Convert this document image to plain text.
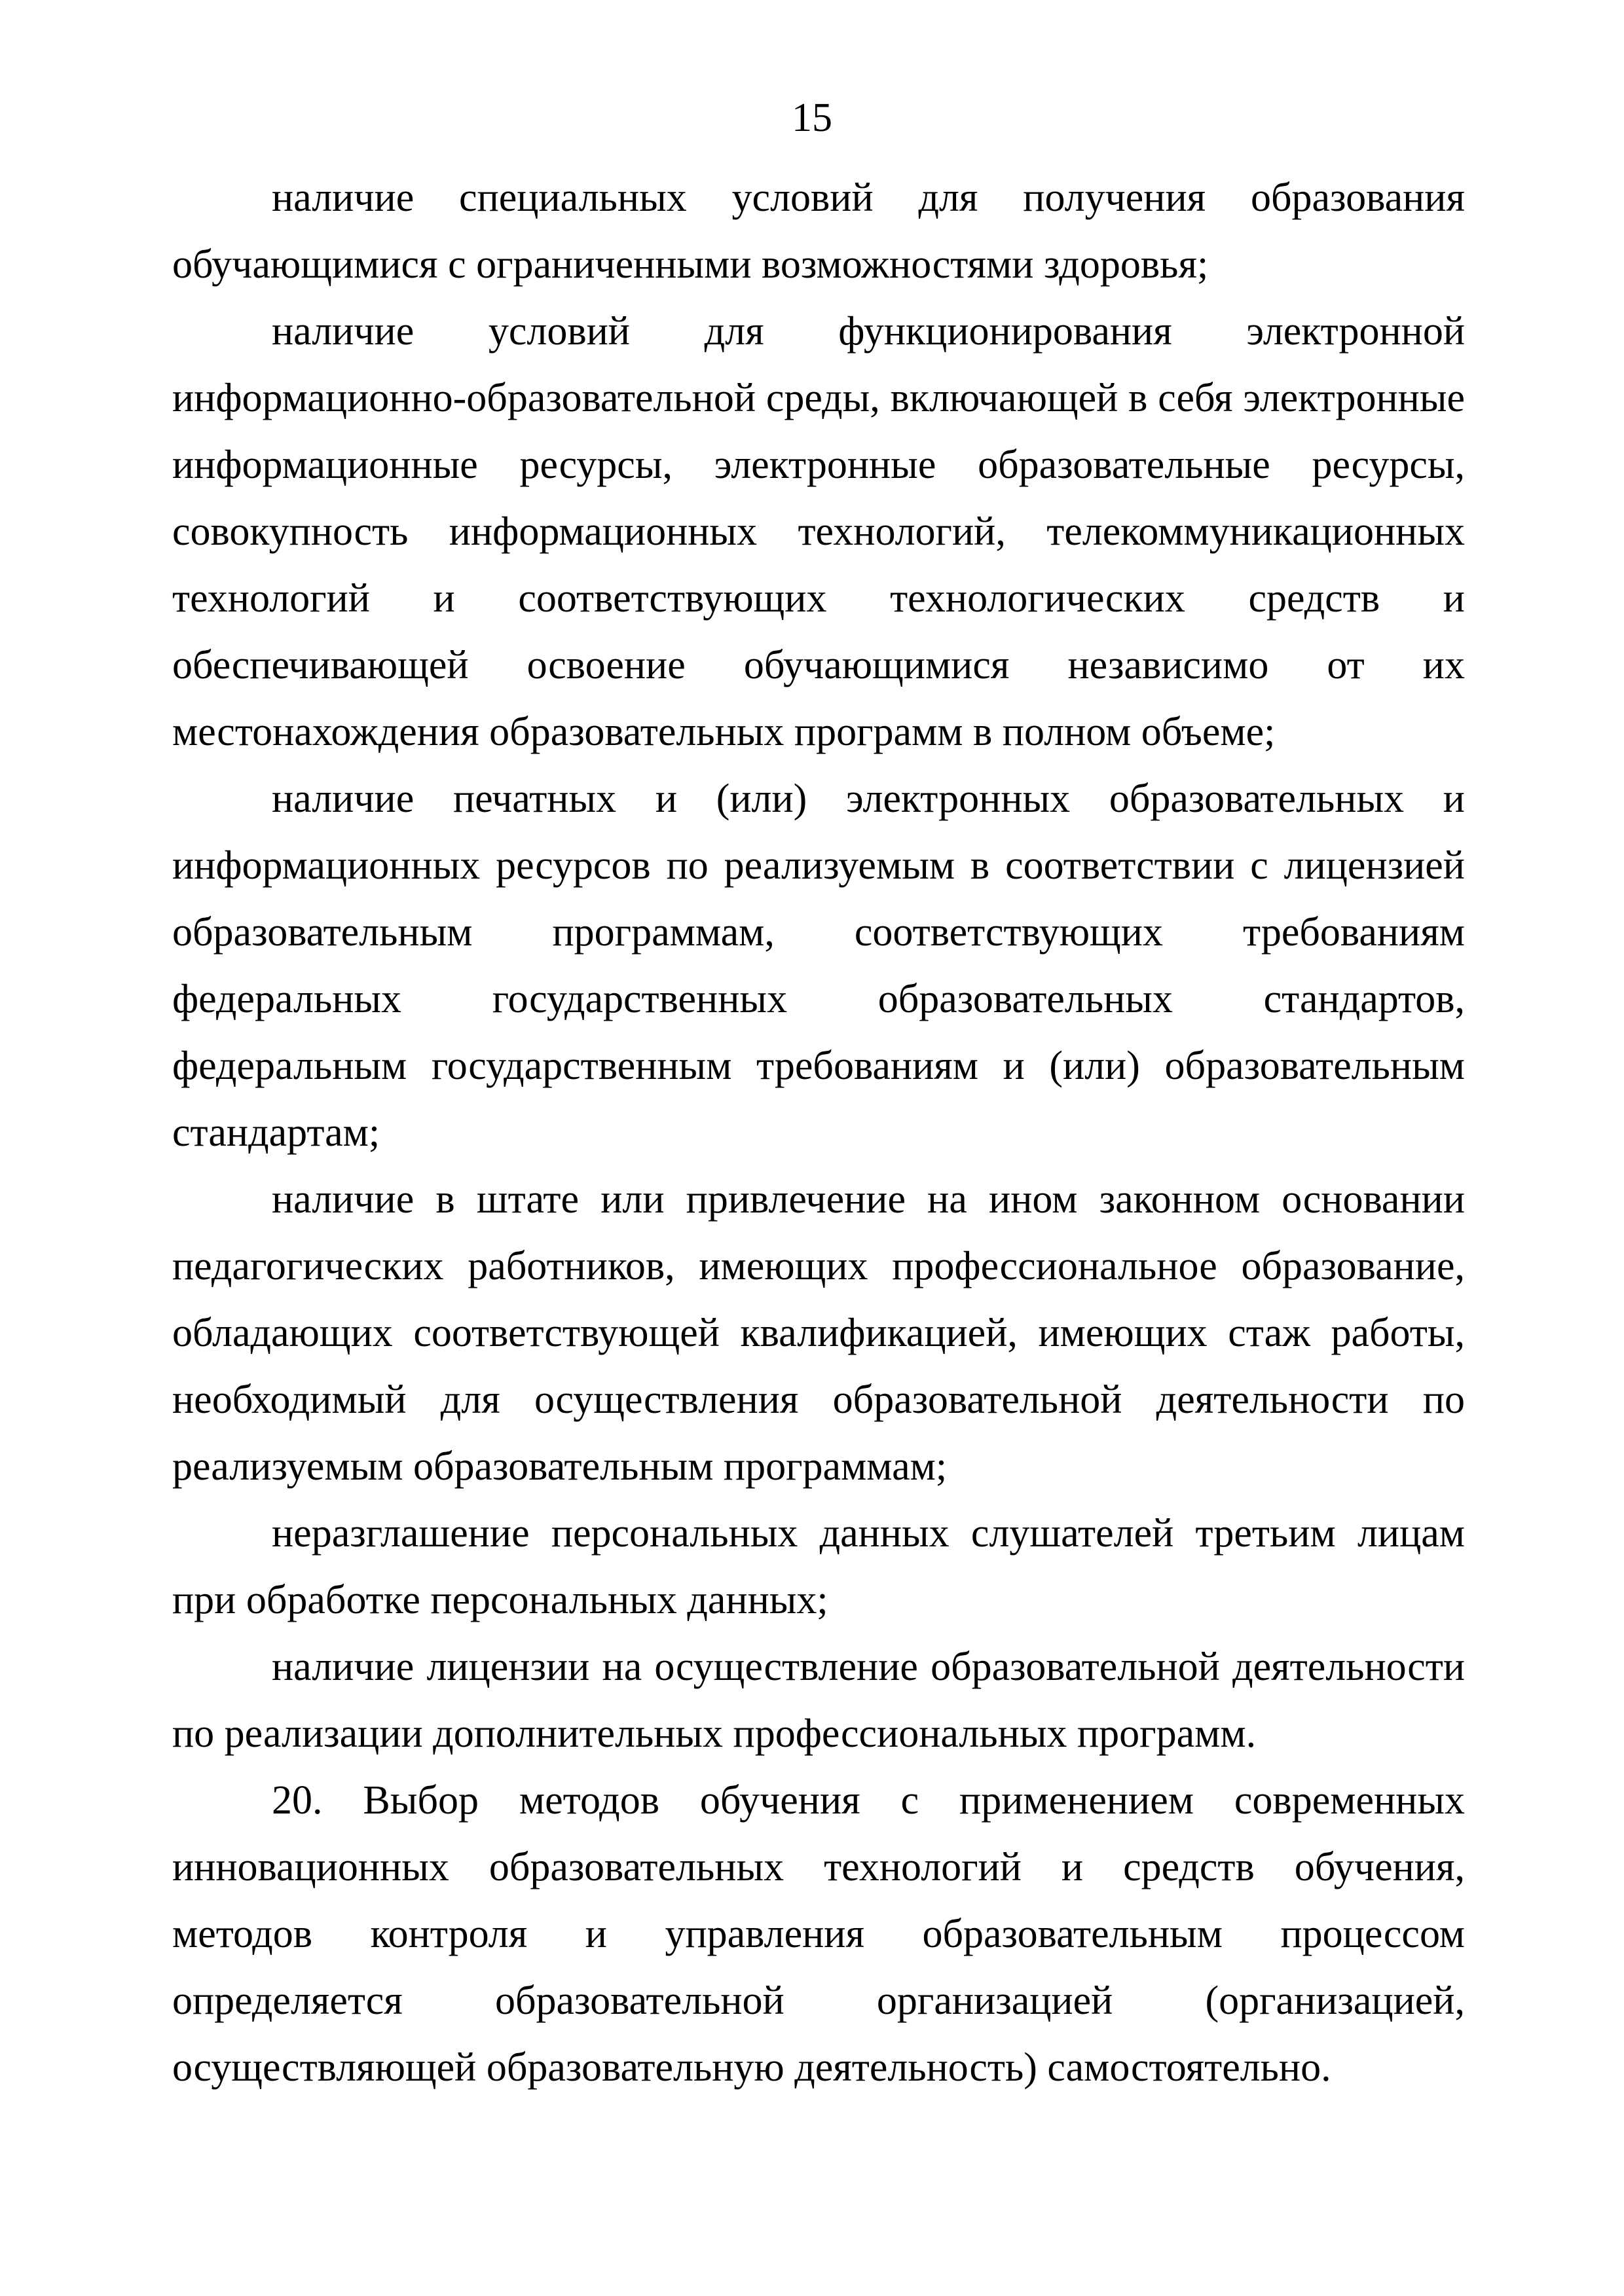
15

наличие специальных условий для получения образования обучающимися с ограниченными возможностями здоровья;

наличие условий для функционирования электронной информационно-образовательной среды, включающей в себя электронные информационные ресурсы, электронные образовательные ресурсы, совокупность информационных технологий, телекоммуникационных технологий и соответствующих технологических средств и обеспечивающей освоение обучающимися независимо от их местонахождения образовательных программ в полном объеме;

наличие печатных и (или) электронных образовательных и информационных ресурсов по реализуемым в соответствии с лицензией образовательным программам, соответствующих требованиям федеральных государственных образовательных стандартов, федеральным государственным требованиям и (или) образовательным стандартам;

наличие в штате или привлечение на ином законном основании педагогических работников, имеющих профессиональное образование, обладающих соответствующей квалификацией, имеющих стаж работы, необходимый для осуществления образовательной деятельности по реализуемым образовательным программам;

неразглашение персональных данных слушателей третьим лицам при обработке персональных данных;

наличие лицензии на осуществление образовательной деятельности по реализации дополнительных профессиональных программ.

20. Выбор методов обучения с применением современных инновационных образовательных технологий и средств обучения, методов контроля и управления образовательным процессом определяется образовательной организацией (организацией, осуществляющей образовательную деятельность) самостоятельно.
